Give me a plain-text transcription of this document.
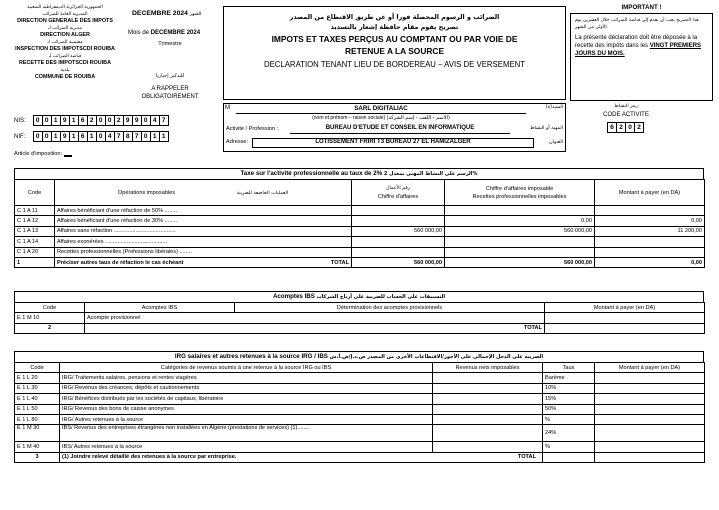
الجمهورية الجزائرية الديمقراطية الشعبية
المديرية العامة للضرائب
DIRECTION GENERALE DES IMPOTS
مديرية الضرائب لـ
DIRECTION ALGER
مفتشية الضرائب لـ
INSPECTION DES IMPOTSCDI ROUIBA
قباضة الضرائب لـ
RECETTE DES IMPOTSCDI ROUIBA
بلدية
COMMUNE DE ROUIBA
DECEMBRE 2024 الشهر
Mois de DECEMBRE 2024
Trimestre
للتذكير إجباريا
A RAPPELER OBLIGATOIREMENT
الضرائب و الرسوم المحصلة فورا أو عن طريق الاقتطاع من المصدر
تصريح يقوم مقام حافظة إشعار بالتسديد
IMPOTS ET TAXES PERÇUS AU COMPTANT OU PAR VOIE DE
RETENUE A LA SOURCE
DECLARATION TENANT LIEU DE BORDEREAU – AVIS DE VERSEMENT
IMPORTANT !
هذا التصريح يجب أن يقدم إلى قباضة الضرائب خلال العشرين يوم الأولى من الشهر.
La présente déclaration doit être déposée à la recette des impôts dans les VINGT PREMIERS JOURS DU MOIS.
M	SARL DIGITALIAC	السيد(ة)
(nom et prénom – raison sociale) (الاسم - اللقب - إسم الشركة)
Activité / Profession :	BUREAU D'ETUDE ET CONSEIL EN INFORMATIQUE	المهنة أو النشاط
Adresse:	LOTISSEMENT FRIRI T3 BUREAU 27 EL HAMIZALGER	العنوان
رمز النشاط
CODE ACTIVITE
6 2 0 2
NIS: 0 0 1 9 1 6 2 0 0 2 9 9 0 4 7
NIF: 0 0 1 9 1 6 1 0 4 7 8 7 0 1 1
Article d'imposition:
Taxe sur l'activité professionnelle au taux de 2% الرسم على النشاط المهني بمعدل 2%
Code	Opérations imposables العمليات الخاضعة للضريبة	رقم الأعمال
Chiffre d'affaires	Chiffre d'affaires imposable
Recettes professionnelles imposables	Montant à payer (en DA)
C 1 A 11	Affaires bénéficiant d'une réfaction de 50% ........			
C 1 A 12	Affaires bénéficiant d'une réfaction de 30% ........		0,00	0,00
C 1 A 13	Affaires sans réfaction ........................................	560 000,00	560 000,00	11 200,00
C 1 A 14	Affaires exonérées ........................................			
C 1 A 20	Recettes professionnelles (Professions libérales) ........			
1	Préciser autres taux de réfaction le cas échéant TOTAL	560 000,00	560 000,00	0,00
Acomptes IBS التسبيقات على الحساب للضريبة على أرباح الشركات
Code	Acomptes IBS	Détermination des acomptes provisionnels	Montant à payer (en DA)
E 1 M 10	Acompte provisionnel		
2	TOTAL		
IRG salaires et autres retenues à la source IRG / IBS الضريبة على الدخل الإجمالي على الأجور/الاقتطاعات الأخرى من المصدر ض.د.إ/ض.أ.ش
Code	Catégories de revenus soumis à une retenue à la source IRG ou IBS	Revenus nets imposables	Taux	Montant à payer (en DA)
E 1 L 20	IRG/ Traitements salaires, pensions et rentes viagères		Barème	
E 1 L 30	IRG/ Revenus des créances, dépôts et cautionnements		10%	
E 1 L 40	IRG/ Bénéfices distribués par les sociétés de capitaux, libératoire		15%	
E 1 L 50	IRG/ Revenus des bons de caisse anonymes		50%	
E 1 L 80	IRG/ Autres retenues à la source		%	
E 1 M 30	IBS/ Revenus des entreprises étrangères non installées en Algérie (prestations de services) (1)........		24%	
E 1 M 40	IBS/ Autres retenues à la source		%	
3	(1) Joindre relevé détaillé des retenues à la source par entreprise. TOTAL			
